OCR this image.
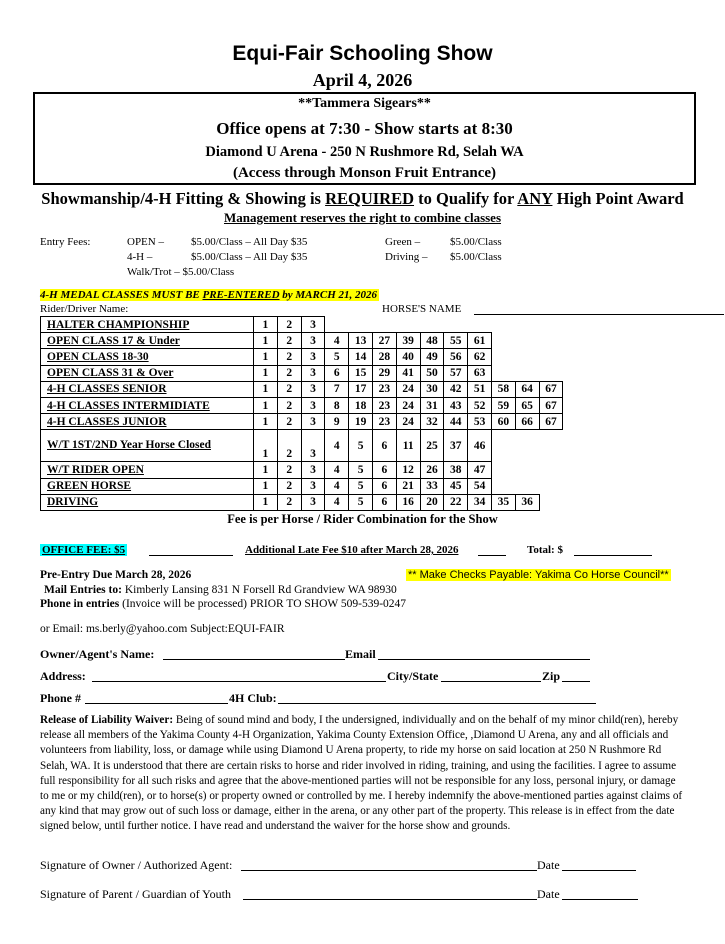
Equi-Fair Schooling Show
April 4, 2026
**Tammera Sigears**
Office opens at 7:30 - Show starts at 8:30
Diamond U Arena - 250 N Rushmore Rd, Selah WA
(Access through Monson Fruit Entrance)
Showmanship/4-H Fitting & Showing is REQUIRED to Qualify for ANY High Point Award
Management reserves the right to combine classes
Entry Fees:	OPEN – $5.00/Class – All Day $35
4-H –	$5.00/Class – All Day $35
Walk/Trot – $5.00/Class
Green –	$5.00/Class
Driving – $5.00/Class
4-H MEDAL CLASSES MUST BE PRE-ENTERED by MARCH 21, 2026
Rider/Driver Name:	HORSE'S NAME
HALTER CHAMPIONSHIP	1	2	3										
OPEN CLASS 17 & Under	1	2	3	4	13	27	39	48	55	61			
OPEN CLASS 18-30	1	2	3	5	14	28	40	49	56	62			
OPEN CLASS 31 & Over	1	2	3	6	15	29	41	50	57	63			
4-H CLASSES SENIOR	1	2	3	7	17	23	24	30	42	51	58	64	67
4-H CLASSES INTERMIDIATE	1	2	3	8	18	23	24	31	43	52	59	65	67
4-H CLASSES JUNIOR	1	2	3	9	19	23	24	32	44	53	60	66	67
W/T 1ST/2ND Year Horse Closed	1	2	3	4	5	6	11	25	37	46			
W/T RIDER OPEN	1	2	3	4	5	6	12	26	38	47			
GREEN HORSE	1	2	3	4	5	6	21	33	45	54			
DRIVING	1	2	3	4	5	6	16	20	22	34	35	36	
Fee is per Horse / Rider Combination for the Show
OFFICE FEE: $5	Additional Late Fee $10 after March 28, 2026	Total: $
Pre-Entry Due March 28, 2026	** Make Checks Payable: Yakima Co Horse Council**
Mail Entries to: Kimberly Lansing 831 N Forsell Rd Grandview WA 98930
Phone in entries (Invoice will be processed) PRIOR TO SHOW 509-539-0247
or Email: ms.berly@yahoo.com Subject:EQUI-FAIR
Owner/Agent's Name:	Email
Address:	City/State	Zip
Phone #	4H Club:
Release of Liability Waiver: Being of sound mind and body, I the undersigned, individually and on the behalf of my minor child(ren), hereby release all members of the Yakima County 4-H Organization, Yakima County Extension Office, ,Diamond U Arena, any and all officials and volunteers from liability, loss, or damage while using Diamond U Arena property, to ride my horse on said location at 250 N Rushmore Rd Selah, WA. It is understood that there are certain risks to horse and rider involved in riding, training, and using the facilities. I agree to assume full responsibility for all such risks and agree that the above-mentioned parties will not be responsible for any loss, personal injury, or damage to me or my child(ren), or to horse(s) or property owned or controlled by me. I hereby indemnify the above-mentioned parties against claims of any kind that may grow out of such loss or damage, either in the arena, or any other part of the property. This release is in effect from the date signed below, until further notice. I have read and understand the waiver for the horse show and grounds.
Signature of Owner / Authorized Agent:	Date
Signature of Parent / Guardian of Youth	Date
